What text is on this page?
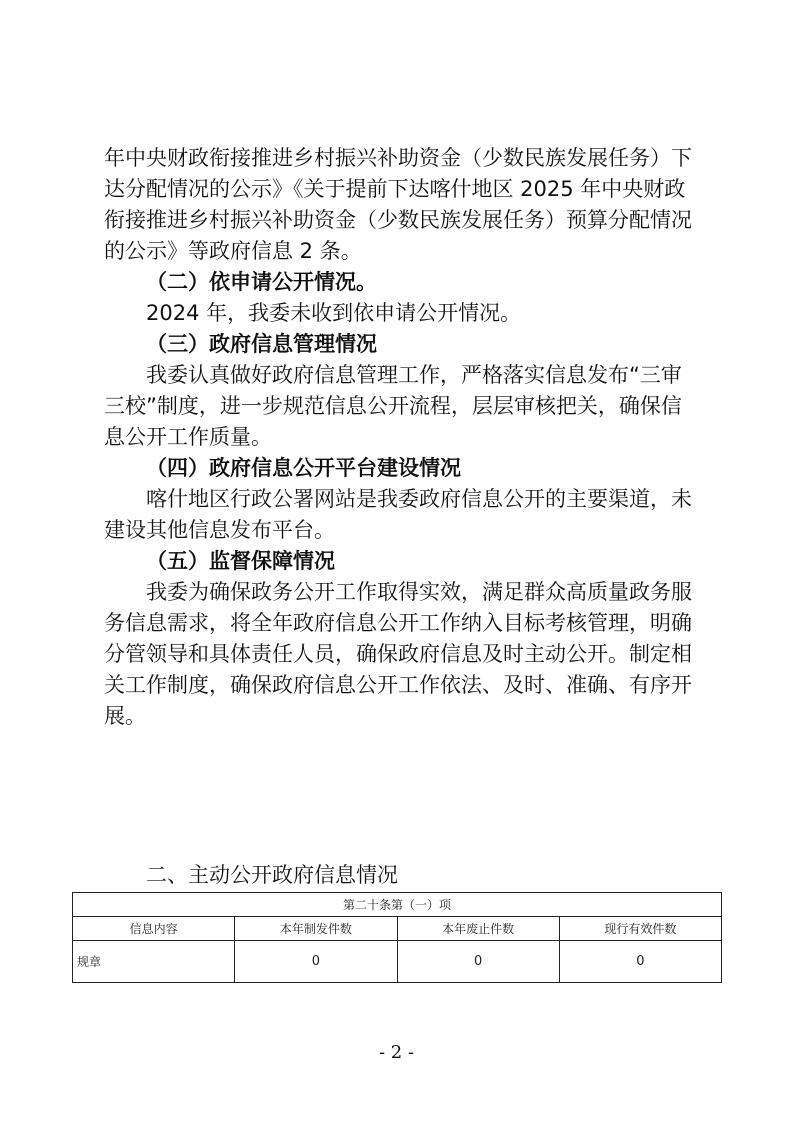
年中央财政衔接推进乡村振兴补助资金（少数民族发展任务）下
达分配情况的公示》《关于提前下达喀什地区 2025 年中央财政
衔接推进乡村振兴补助资金（少数民族发展任务）预算分配情况
的公示》等政府信息 2 条。

（二）依申请公开情况。

2024 年，我委未收到依申请公开情况。

（三）政府信息管理情况

我委认真做好政府信息管理工作，严格落实信息发布“三审
三校”制度，进一步规范信息公开流程，层层审核把关，确保信
息公开工作质量。

（四）政府信息公开平台建设情况

喀什地区行政公署网站是我委政府信息公开的主要渠道，未
建设其他信息发布平台。

（五）监督保障情况

我委为确保政务公开工作取得实效，满足群众高质量政务服
务信息需求，将全年政府信息公开工作纳入目标考核管理，明确
分管领导和具体责任人员，确保政府信息及时主动公开。制定相
关工作制度，确保政府信息公开工作依法、及时、准确、有序开
展。

二、主动公开政府信息情况

第二十条第（一）项			
信息内容	本年制发件数	本年废止件数	现行有效件数
规章	0	0	0

- 2 -
